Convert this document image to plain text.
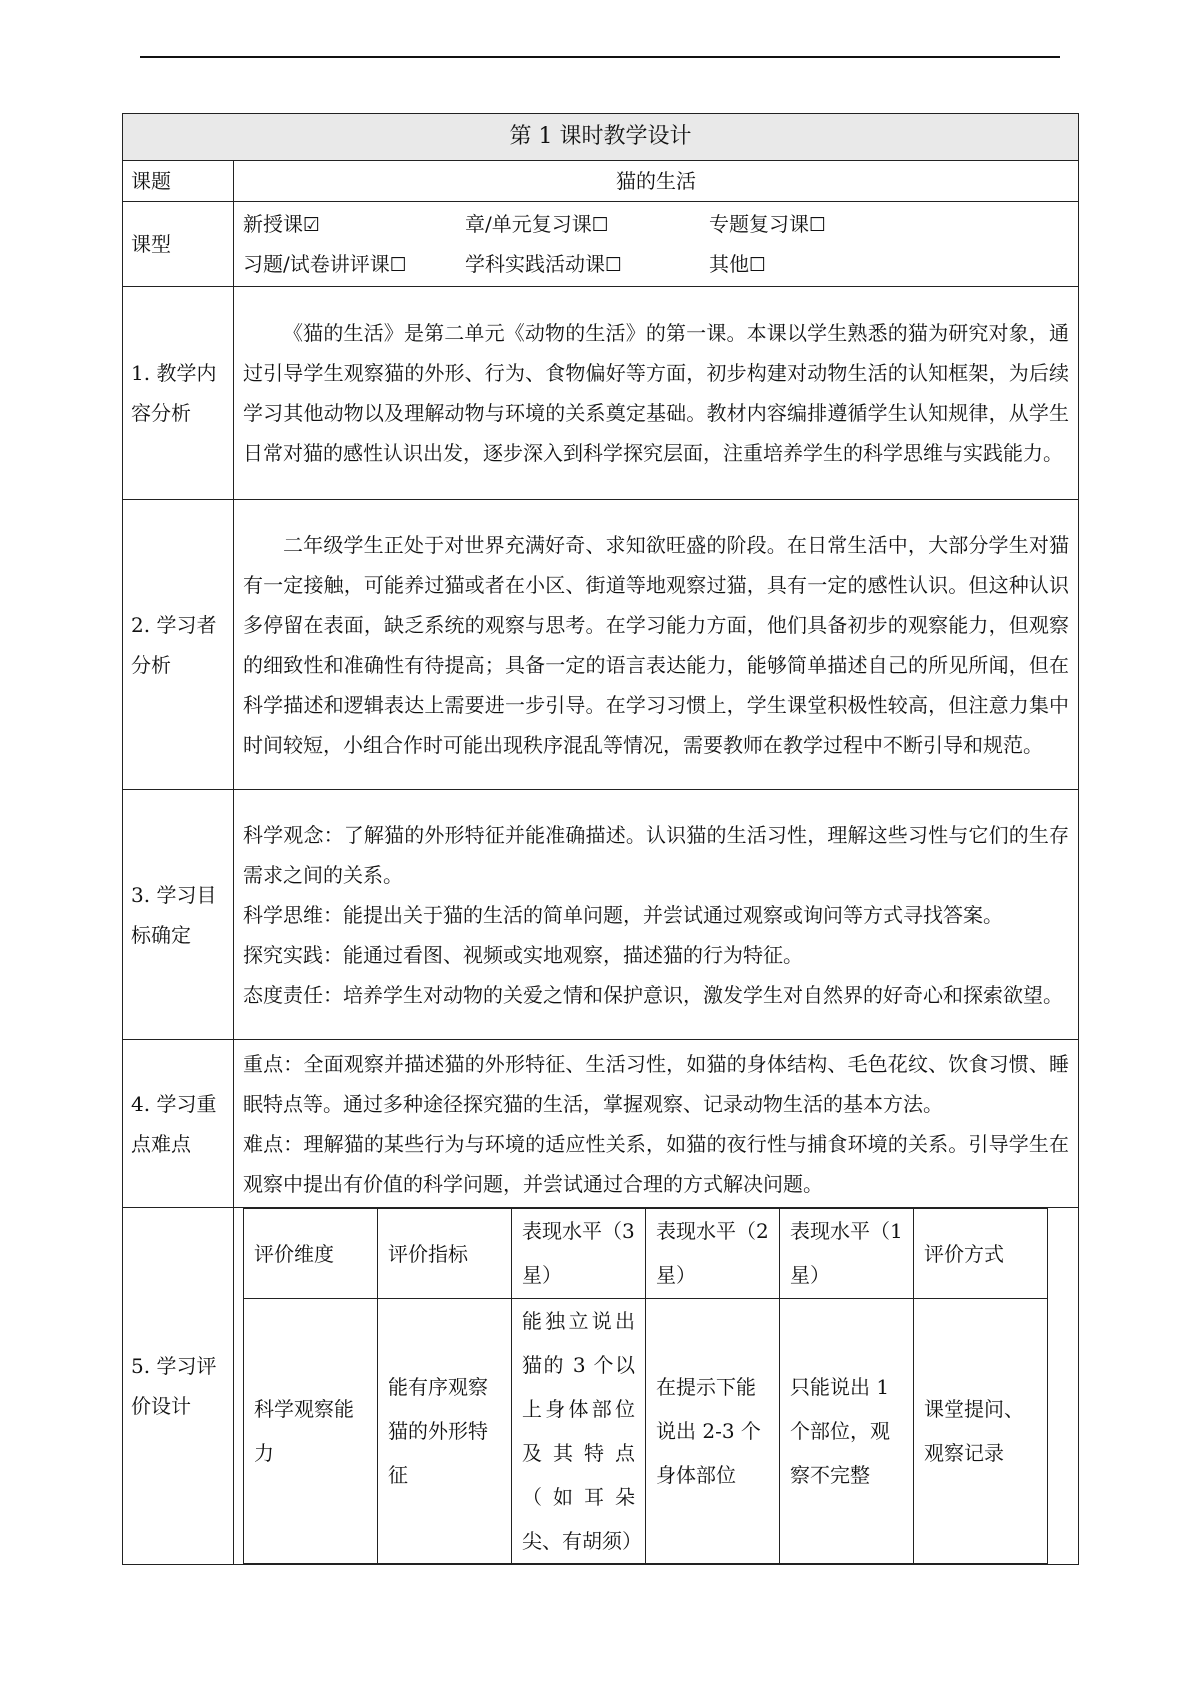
第 1 课时教学设计
课题	猫的生活
课型	
新授课☑	章/单元复习课☐	专题复习课☐
习题/试卷讲评课☐	学科实践活动课☐	其他☐

1. 教学内
容分析

《猫的生活》是第二单元《动物的生活》的第一课。本课以学生熟悉的猫为研究对象，通过引导学生观察猫的外形、行为、食物偏好等方面，初步构建对动物生活的认知框架，为后续学习其他动物以及理解动物与环境的关系奠定基础。教材内容编排遵循学生认知规律，从学生日常对猫的感性认识出发，逐步深入到科学探究层面，注重培养学生的科学思维与实践能力。

2. 学习者
分析

二年级学生正处于对世界充满好奇、求知欲旺盛的阶段。在日常生活中，大部分学生对猫有一定接触，可能养过猫或者在小区、街道等地观察过猫，具有一定的感性认识。但这种认识多停留在表面，缺乏系统的观察与思考。在学习能力方面，他们具备初步的观察能力，但观察的细致性和准确性有待提高；具备一定的语言表达能力，能够简单描述自己的所见所闻，但在科学描述和逻辑表达上需要进一步引导。在学习习惯上，学生课堂积极性较高，但注意力集中时间较短，小组合作时可能出现秩序混乱等情况，需要教师在教学过程中不断引导和规范。

3. 学习目
标确定

科学观念：了解猫的外形特征并能准确描述。认识猫的生活习性，理解这些习性与它们的生存需求之间的关系。

科学思维：能提出关于猫的生活的简单问题，并尝试通过观察或询问等方式寻找答案。

探究实践：能通过看图、视频或实地观察，描述猫的行为特征。

态度责任：培养学生对动物的关爱之情和保护意识，激发学生对自然界的好奇心和探索欲望。

4. 学习重
点难点

重点：全面观察并描述猫的外形特征、生活习性，如猫的身体结构、毛色花纹、饮食习惯、睡眠特点等。通过多种途径探究猫的生活，掌握观察、记录动物生活的基本方法。

难点：理解猫的某些行为与环境的适应性关系，如猫的夜行性与捕食环境的关系。引导学生在观察中提出有价值的科学问题，并尝试通过合理的方式解决问题。

5. 学习评
价设计

评价维度	评价指标	表现水平（3星）	表现水平（2星）	表现水平（1星）	评价方式
科学观察能力	能有序观察猫的外形特征	能独立说出猫的 3 个以上身体部位及其特点（如耳朵尖、有胡须）	在提示下能说出 2-3 个身体部位	只能说出 1 个部位，观察不完整	课堂提问、观察记录
